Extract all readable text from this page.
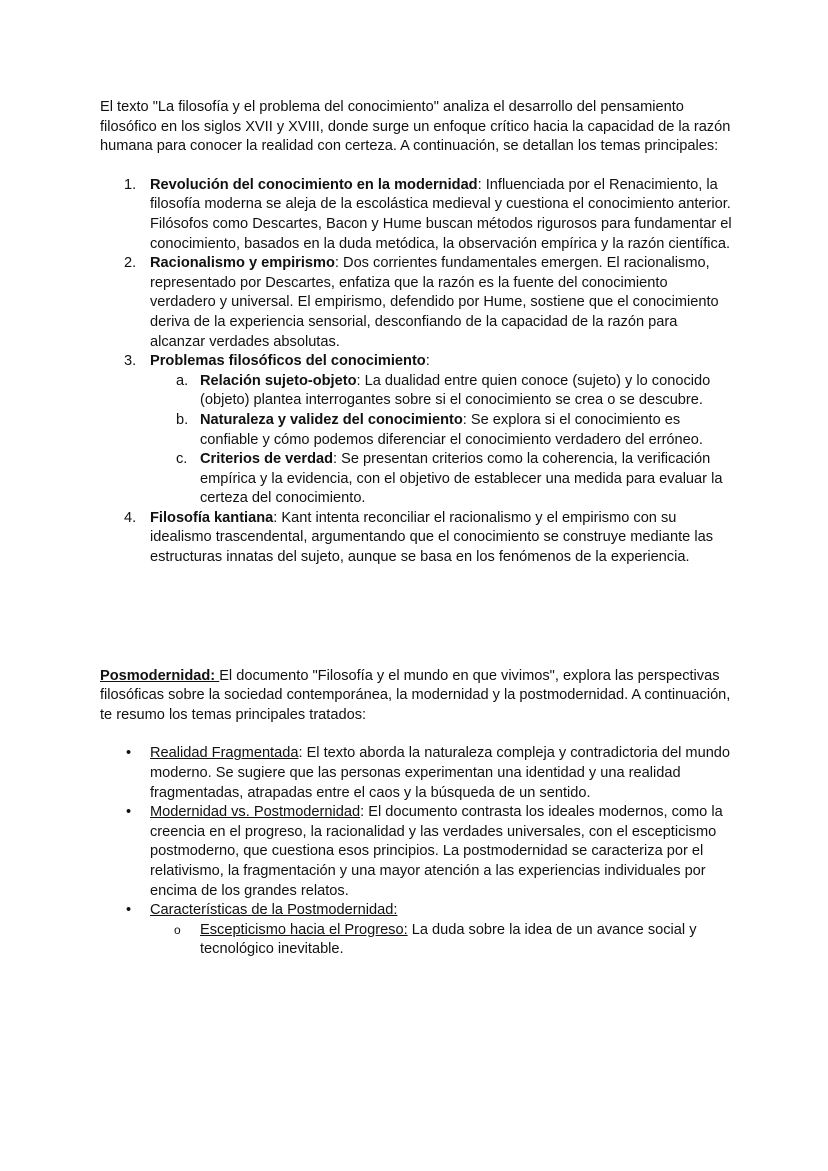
El texto "La filosofía y el problema del conocimiento" analiza el desarrollo del pensamiento filosófico en los siglos XVII y XVIII, donde surge un enfoque crítico hacia la capacidad de la razón humana para conocer la realidad con certeza. A continuación, se detallan los temas principales:

1. Revolución del conocimiento en la modernidad: Influenciada por el Renacimiento, la filosofía moderna se aleja de la escolástica medieval y cuestiona el conocimiento anterior. Filósofos como Descartes, Bacon y Hume buscan métodos rigurosos para fundamentar el conocimiento, basados en la duda metódica, la observación empírica y la razón científica.
2. Racionalismo y empirismo: Dos corrientes fundamentales emergen. El racionalismo, representado por Descartes, enfatiza que la razón es la fuente del conocimiento verdadero y universal. El empirismo, defendido por Hume, sostiene que el conocimiento deriva de la experiencia sensorial, desconfiando de la capacidad de la razón para alcanzar verdades absolutas.
3. Problemas filosóficos del conocimiento:
a. Relación sujeto-objeto: La dualidad entre quien conoce (sujeto) y lo conocido (objeto) plantea interrogantes sobre si el conocimiento se crea o se descubre.
b. Naturaleza y validez del conocimiento: Se explora si el conocimiento es confiable y cómo podemos diferenciar el conocimiento verdadero del erróneo.
c. Criterios de verdad: Se presentan criterios como la coherencia, la verificación empírica y la evidencia, con el objetivo de establecer una medida para evaluar la certeza del conocimiento.
4. Filosofía kantiana: Kant intenta reconciliar el racionalismo y el empirismo con su idealismo trascendental, argumentando que el conocimiento se construye mediante las estructuras innatas del sujeto, aunque se basa en los fenómenos de la experiencia.

Posmodernidad: El documento "Filosofía y el mundo en que vivimos", explora las perspectivas filosóficas sobre la sociedad contemporánea, la modernidad y la postmodernidad. A continuación, te resumo los temas principales tratados:

• Realidad Fragmentada: El texto aborda la naturaleza compleja y contradictoria del mundo moderno. Se sugiere que las personas experimentan una identidad y una realidad fragmentadas, atrapadas entre el caos y la búsqueda de un sentido.
• Modernidad vs. Postmodernidad: El documento contrasta los ideales modernos, como la creencia en el progreso, la racionalidad y las verdades universales, con el escepticismo postmoderno, que cuestiona esos principios. La postmodernidad se caracteriza por el relativismo, la fragmentación y una mayor atención a las experiencias individuales por encima de los grandes relatos.
• Características de la Postmodernidad:
o Escepticismo hacia el Progreso: La duda sobre la idea de un avance social y tecnológico inevitable.
